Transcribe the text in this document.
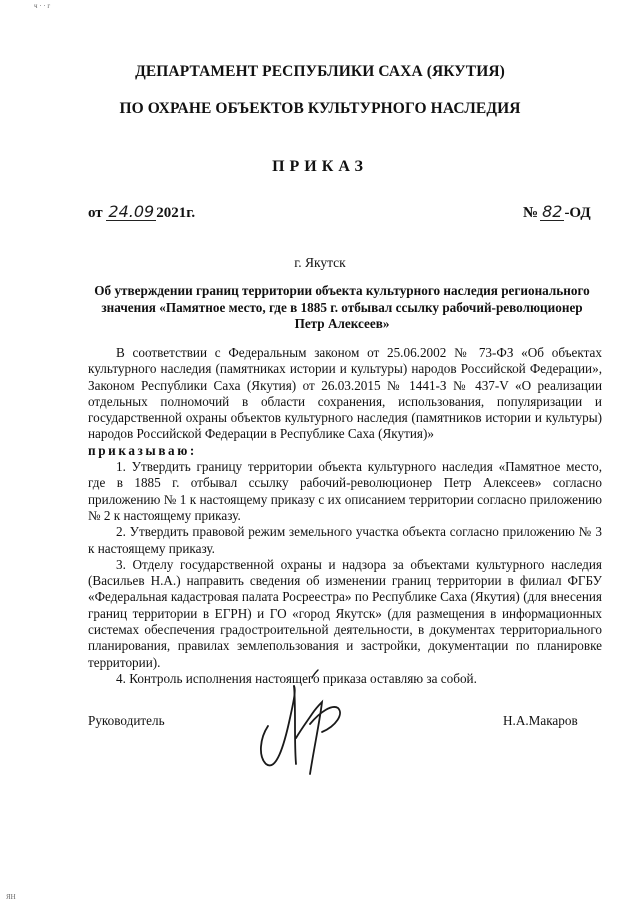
ч · · г
ДЕПАРТАМЕНТ РЕСПУБЛИКИ САХА (ЯКУТИЯ)
ПО ОХРАНЕ ОБЪЕКТОВ КУЛЬТУРНОГО НАСЛЕДИЯ
ПРИКАЗ
от 24.09 2021г.	№ 82 -ОД
г. Якутск
Об утверждении границ территории объекта культурного наследия регионального
значения «Памятное место, где в 1885 г. отбывал ссылку рабочий-революционер
Петр Алексеев»

В соответствии с Федеральным законом от 25.06.2002 № 73-ФЗ «Об объектах культурного наследия (памятниках истории и культуры) народов Российской Федерации», Законом Республики Саха (Якутия) от 26.03.2015 № 1441-З № 437-V «О реализации отдельных полномочий в области сохранения, использования, популяризации и государственной охраны объектов культурного наследия (памятников истории и культуры) народов Российской Федерации в Республике Саха (Якутия)»

приказываю:

1. Утвердить границу территории объекта культурного наследия «Памятное место, где в 1885 г. отбывал ссылку рабочий-революционер Петр Алексеев» согласно приложению № 1 к настоящему приказу с их описанием территории согласно приложению № 2 к настоящему приказу.

2. Утвердить правовой режим земельного участка объекта согласно приложению № 3 к настоящему приказу.

3. Отделу государственной охраны и надзора за объектами культурного наследия (Васильев Н.А.) направить сведения об изменении границ территории в филиал ФГБУ «Федеральная кадастровая палата Росреестра» по Республике Саха (Якутия) (для внесения границ территории в ЕГРН) и ГО «город Якутск» (для размещения в информационных системах обеспечения градостроительной деятельности, в документах территориального планирования, правилах землепользования и застройки, документации по планировке территории).

4. Контроль исполнения настоящего приказа оставляю за собой.

Руководитель	Н.А.Макаров
ЯН
